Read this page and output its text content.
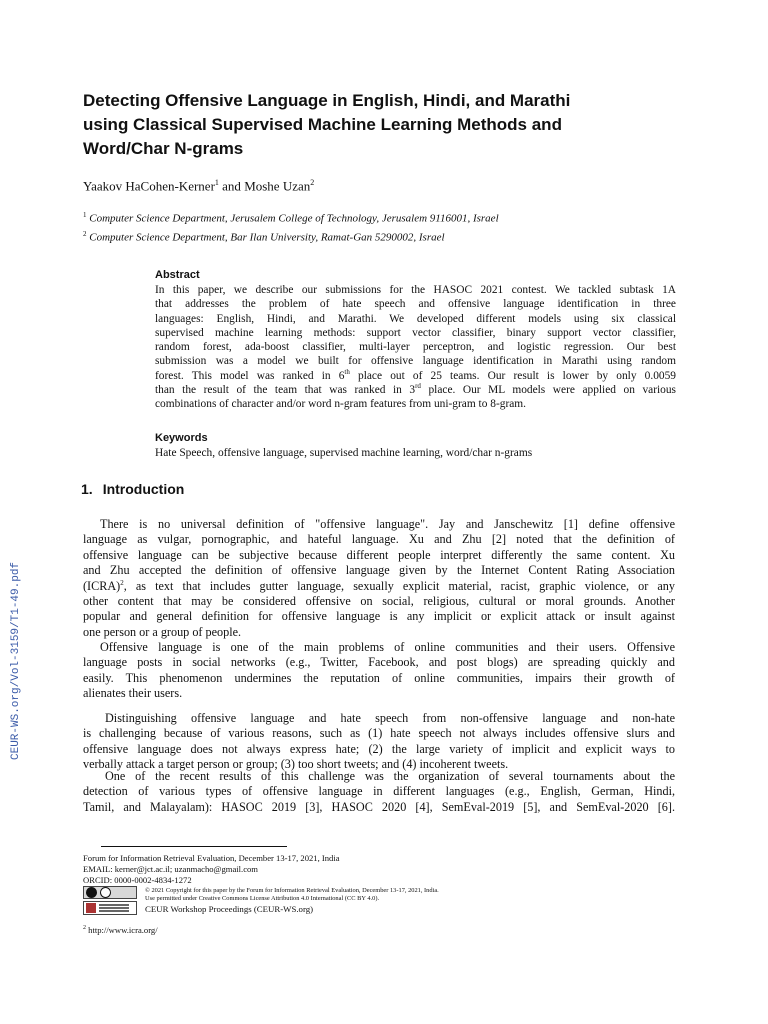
CEUR-WS.org/Vol-3159/T1-49.pdf
Detecting Offensive Language in English, Hindi, and Marathi
using Classical Supervised Machine Learning Methods and
Word/Char N-grams
Yaakov HaCohen-Kerner$^1$ and Moshe Uzan$^2$
$^1$ Computer Science Department, Jerusalem College of Technology, Jerusalem 9116001, Israel
$^2$ Computer Science Department, Bar Ilan University, Ramat-Gan 5290002, Israel
Abstract
In this paper, we describe our submissions for the HASOC 2021 contest. We tackled subtask 1A
that addresses the problem of hate speech and offensive language identification in three
languages: English, Hindi, and Marathi. We developed different models using six classical
supervised machine learning methods: support vector classifier, binary support vector classifier,
random forest, ada-boost classifier, multi-layer perceptron, and logistic regression. Our best
submission was a model we built for offensive language identification in Marathi using random
forest. This model was ranked in 6th place out of 25 teams. Our result is lower by only 0.0059
than the result of the team that was ranked in 3rd place. Our ML models were applied on various
combinations of character and/or word n-gram features from uni-gram to 8-gram.
Keywords
Hate Speech, offensive language, supervised machine learning, word/char n-grams
1. Introduction
There is no universal definition of "offensive language". Jay and Janschewitz [1] define offensive
language as vulgar, pornographic, and hateful language. Xu and Zhu [2] noted that the definition of
offensive language can be subjective because different people interpret differently the same content. Xu
and Zhu accepted the definition of offensive language given by the Internet Content Rating Association
(ICRA)$^2$, as text that includes gutter language, sexually explicit material, racist, graphic violence, or any
other content that may be considered offensive on social, religious, cultural or moral grounds. Another
popular and general definition for offensive language is any implicit or explicit attack or insult against
one person or a group of people.
Offensive language is one of the main problems of online communities and their users. Offensive
language posts in social networks (e.g., Twitter, Facebook, and post blogs) are spreading quickly and
easily. This phenomenon undermines the reputation of online communities, impairs their growth of
alienates their users.
Distinguishing offensive language and hate speech from non-offensive language and non-hate
is challenging because of various reasons, such as (1) hate speech not always includes offensive slurs and
offensive language does not always express hate; (2) the large variety of implicit and explicit ways to
verbally attack a target person or group; (3) too short tweets; and (4) incoherent tweets.
One of the recent results of this challenge was the organization of several tournaments about the
detection of various types of offensive language in different languages (e.g., English, German, Hindi,
Tamil, and Malayalam): HASOC 2019 [3], HASOC 2020 [4], SemEval-2019 [5], and SemEval-2020 [6].
Forum for Information Retrieval Evaluation, December 13-17, 2021, India
EMAIL: kerner@jct.ac.il; uzanmacho@gmail.com
ORCID: 0000-0002-4834-1272
© 2021 Copyright for this paper by the Forum for Information Retrieval Evaluation, December 13-17, 2021, India.
Use permitted under Creative Commons License Attribution 4.0 International (CC BY 4.0).
CEUR Workshop Proceedings (CEUR-WS.org)
$^2$ http://www.icra.org/
